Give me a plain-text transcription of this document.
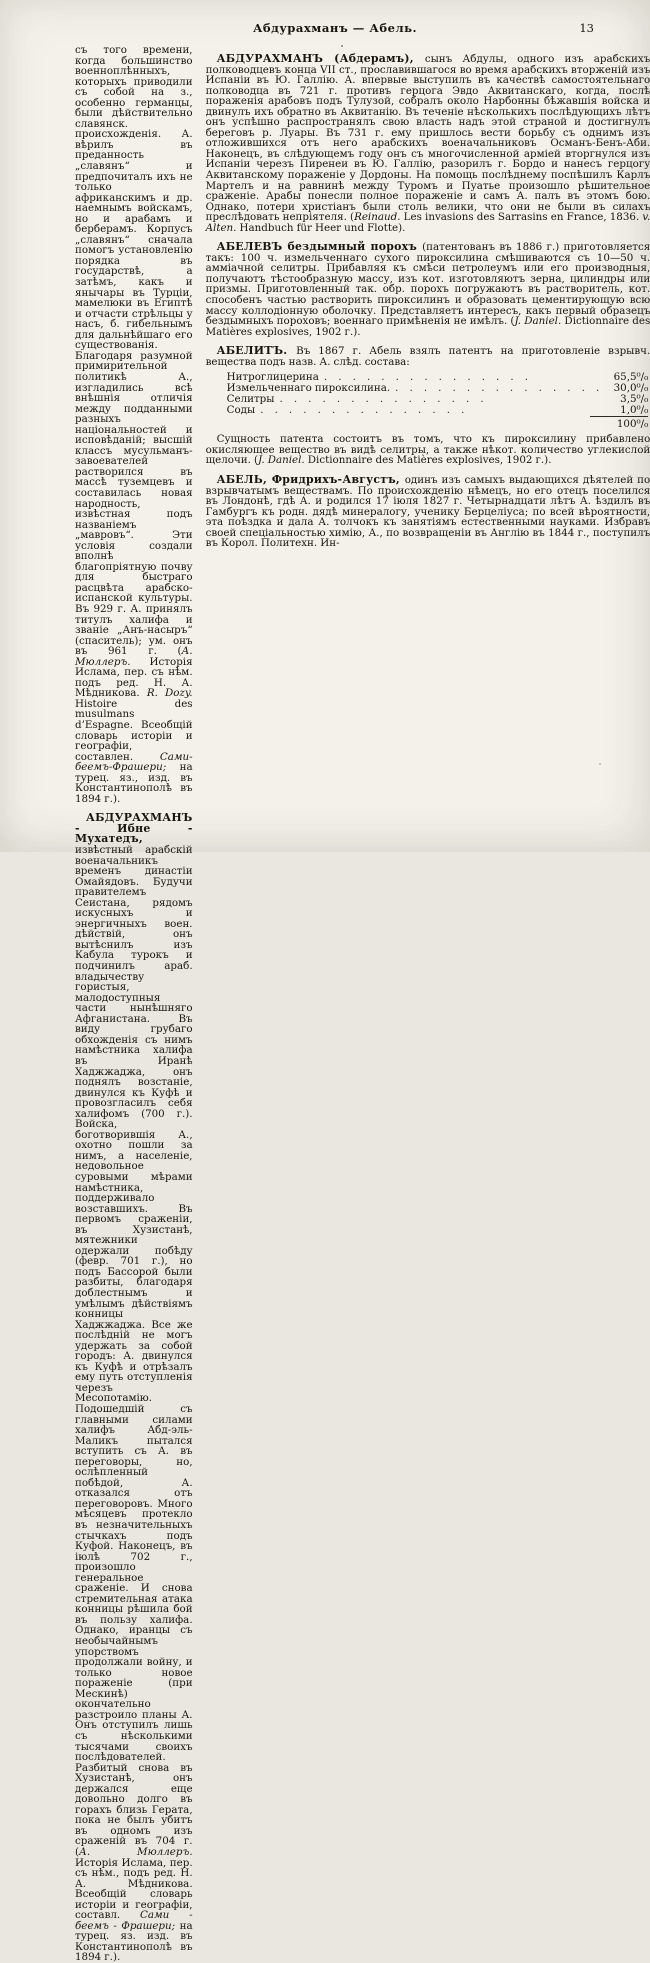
Абдурахманъ — Абель.	13

съ того времени, когда большинство военноплѣнныхъ, которыхъ приводили съ собой на з., особенно германцы, были дѣйствительно славянск. происхожденія. А. вѣрилъ въ преданность „славянъ“ и предпочиталъ ихъ не только африканскимъ и др. наемнымъ войскамъ, но и арабамъ и берберамъ. Корпусъ „славянъ“ сначала помогъ установленію порядка въ государствѣ, а затѣмъ, какъ и янычары въ Турціи, мамелюки въ Египтѣ и отчасти стрѣльцы у насъ, б. гибельнымъ для дальнѣйшаго его существованія. Благодаря разумной примирительной политикѣ А., изгладились всѣ внѣшнія отличія между подданными разныхъ національностей и исповѣданій; высшій классъ мусульманъ-завоевателей растворился въ массѣ туземцевъ и составилась новая народность, извѣстная подъ названіемъ „мавровъ“. Эти условія создали вполнѣ благопріятную почву для быстраго расцвѣта арабско-испанской культуры. Въ 929 г. А. принялъ титулъ халифа и званіе „Анъ-насыръ“ (спаситель); ум. онъ въ 961 г. (А. Мюллеръ. Исторія Ислама, пер. съ нѣм. подъ ред. Н. А. Мѣдникова. R. Dozy. Histoire des musulmans d’Espagne. Всеобщій словарь исторіи и географіи, составлен. Сами-беемъ-Фрашери; на турец. яз., изд. въ Константинополѣ въ 1894 г.).

АБДУРАХМАНЪ - Ибне - Мухатедъ, извѣстный арабскій военачальникъ временъ династіи Омайядовъ. Будучи правителемъ Сеистана, рядомъ искусныхъ и энергичныхъ воен. дѣйствій, онъ вытѣснилъ изъ Кабула турокъ и подчинилъ араб. владычеству гористыя, малодоступныя части нынѣшняго Афганистана. Въ виду грубаго обхожденія съ нимъ намѣстника халифа въ Иранѣ Хаджжаджа, онъ поднялъ возстаніе, двинулся къ Куфѣ и провозгласилъ себя халифомъ (700 г.). Войска, боготворившія А., охотно пошли за нимъ, а населеніе, недовольное суровыми мѣрами намѣстника, поддерживало возставшихъ. Въ первомъ сраженіи, въ Хузистанѣ, мятежники одержали побѣду (февр. 701 г.), но подъ Бассорой были разбиты, благодаря доблестнымъ и умѣлымъ дѣйствіямъ конницы Хаджжаджа. Все же послѣдній не могъ удержать за собой городъ: А. двинулся къ Куфѣ и отрѣзалъ ему путь отступленія черезъ Месопотамію. Подошедшій съ главными силами халифъ Абд-эль-Маликъ пытался вступить съ А. въ переговоры, но, ослѣпленный побѣдой, А. отказался отъ переговоровъ. Много мѣсяцевъ протекло въ незначительныхъ стычкахъ подъ Куфой. Наконецъ, въ іюлѣ 702 г., произошло генеральное сраженіе. И снова стремительная атака конницы рѣшила бой въ пользу халифа. Однако, иранцы съ необычайнымъ упорствомъ продолжали войну, и только новое пораженіе (при Мескинѣ) окончательно разстроило планы А. Онъ отступилъ лишь съ нѣсколькими тысячами своихъ послѣдователей. Разбитый снова въ Хузистанѣ, онъ держался еще довольно долго въ горахъ близь Герата, пока не былъ убитъ въ одномъ изъ сраженій въ 704 г. (А. Мюллеръ. Исторія Ислама, пер. съ нѣм., подъ ред. Н. А. Мѣдникова. Всеобщій словарь исторіи и географіи, составл. Сами - беемъ - Фрашери; на турец. яз. изд. въ Константинополѣ въ 1894 г.).

АБДУРАХМАНЪ (Абдерамъ), сынъ Абдулы, одного изъ арабскихъ полководцевъ конца VII ст., прославившагося во время арабскихъ вторженій изъ Испаніи въ Ю. Галлію. А. впервые выступилъ въ качествѣ самостоятельнаго полководца въ 721 г. противъ герцога Эвдо Аквитанскаго, когда, послѣ пораженія арабовъ подъ Тулузой, собралъ около Нарбонны бѣжавшія войска и двинулъ ихъ обратно въ Аквитанію. Въ теченіе нѣсколькихъ послѣдующихъ лѣтъ онъ успѣшно распространялъ свою власть надъ этой страной и достигнулъ береговъ р. Луары. Въ 731 г. ему пришлось вести борьбу съ однимъ изъ отложившихся отъ него арабскихъ военачальниковъ Османъ-Бенъ-Аби. Наконецъ, въ слѣдующемъ году онъ съ многочисленной арміей вторгнулся изъ Испаніи черезъ Пиренеи въ Ю. Галлію, разорилъ г. Бордо и нанесъ герцогу Аквитанскому пораженіе у Дордоны. На помощь послѣднему поспѣшилъ Карлъ Мартелъ и на равнинѣ между Туромъ и Пуатье произошло рѣшительное сраженіе. Арабы понесли полное пораженіе и самъ А. палъ въ этомъ бою. Однако, потери христіанъ были столь велики, что они не были въ силахъ преслѣдовать непріятеля. (Reinaud. Les invasions des Sarrasins en France, 1836. v. Alten. Handbuch für Heer und Flotte).

АБЕЛЕВЪ бездымный порохъ (патентованъ въ 1886 г.) приготовляется такъ: 100 ч. измельченнаго сухого пироксилина смѣшиваются съ 10—50 ч. амміачной селитры. Прибавляя къ смѣси петролеумъ или его производныя, получаютъ тѣстообразную массу, изъ кот. изготовляютъ зерна, цилиндры или призмы. Приготовленный так. обр. порохъ погружаютъ въ растворитель, кот. способенъ частью растворить пироксилинъ и образовать цементирующую всю массу коллодіонную оболочку. Представляетъ интересъ, какъ первый образецъ бездымныхъ пороховъ; военнаго примѣненія не имѣлъ. (J. Daniel. Dictionnaire des Matières explosives, 1902 г.).

АБЕЛИТЪ. Въ 1867 г. Абель взялъ патентъ на приготовленіе взрывч. вещества подъ назв. А. слѣд. состава:

Нитроглицерина . .	65,5⁰/₀
Измельченнаго пироксилина. . .	30,0⁰/₀
Селитры . .	3,5⁰/₀
Соды . .	1,0⁰/₀
100⁰/₀

Сущность патента состоитъ въ томъ, что къ пироксилину прибавлено окисляющее вещество въ видѣ селитры, а также нѣкот. количество углекислой щелочи. (J. Daniel. Dictionnaire des Matières explosives, 1902 г.).

АБЕЛЬ, Фридрихъ-Августъ, одинъ изъ самыхъ выдающихся дѣятелей по взрывчатымъ веществамъ. По происхожденію нѣмецъ, но его отецъ поселился въ Лондонѣ, гдѣ А. и родился 17 іюля 1827 г. Четырнадцати лѣтъ А. ѣздилъ въ Гамбургъ къ родн. дядѣ минералогу, ученику Берцеліуса; по всей вѣроятности, эта поѣздка и дала А. толчокъ къ занятіямъ естественными науками. Избравъ своей спеціальностью химію, А., по возвращеніи въ Англію въ 1844 г., поступилъ въ Корол. Политехн. Ин-
